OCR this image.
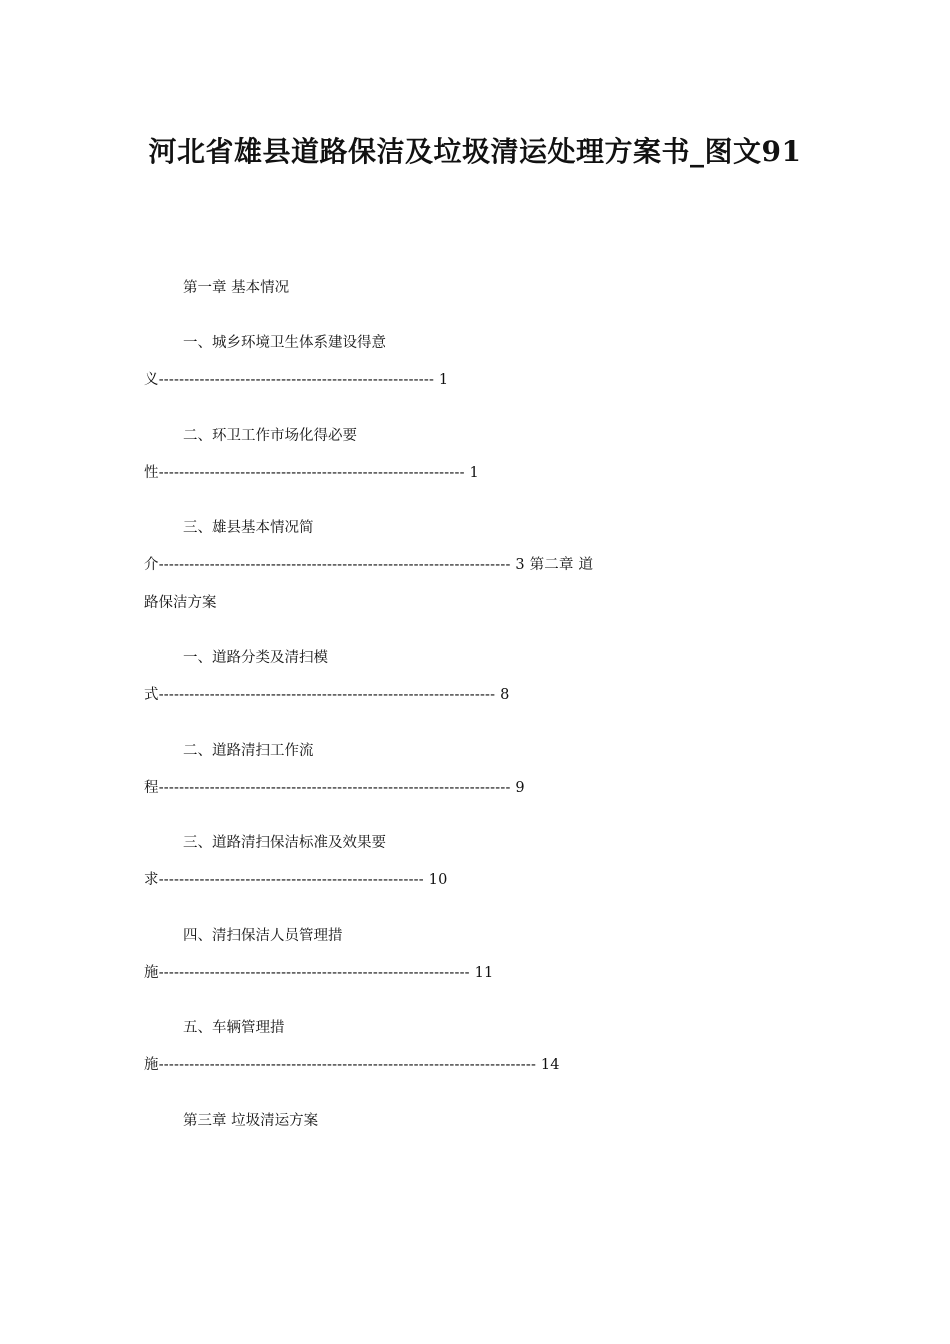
河北省雄县道路保洁及垃圾清运处理方案书_图文91
第一章 基本情况
一、城乡环境卫生体系建设得意
义------------------------------------------------------ 1
二、环卫工作市场化得必要
性------------------------------------------------------------ 1
三、雄县基本情况简
介--------------------------------------------------------------------- 3 第二章 道
路保洁方案
一、道路分类及清扫模
式------------------------------------------------------------------ 8
二、道路清扫工作流
程--------------------------------------------------------------------- 9
三、道路清扫保洁标准及效果要
求---------------------------------------------------- 10
四、清扫保洁人员管理措
施------------------------------------------------------------- 11
五、车辆管理措
施-------------------------------------------------------------------------- 14
第三章 垃圾清运方案
